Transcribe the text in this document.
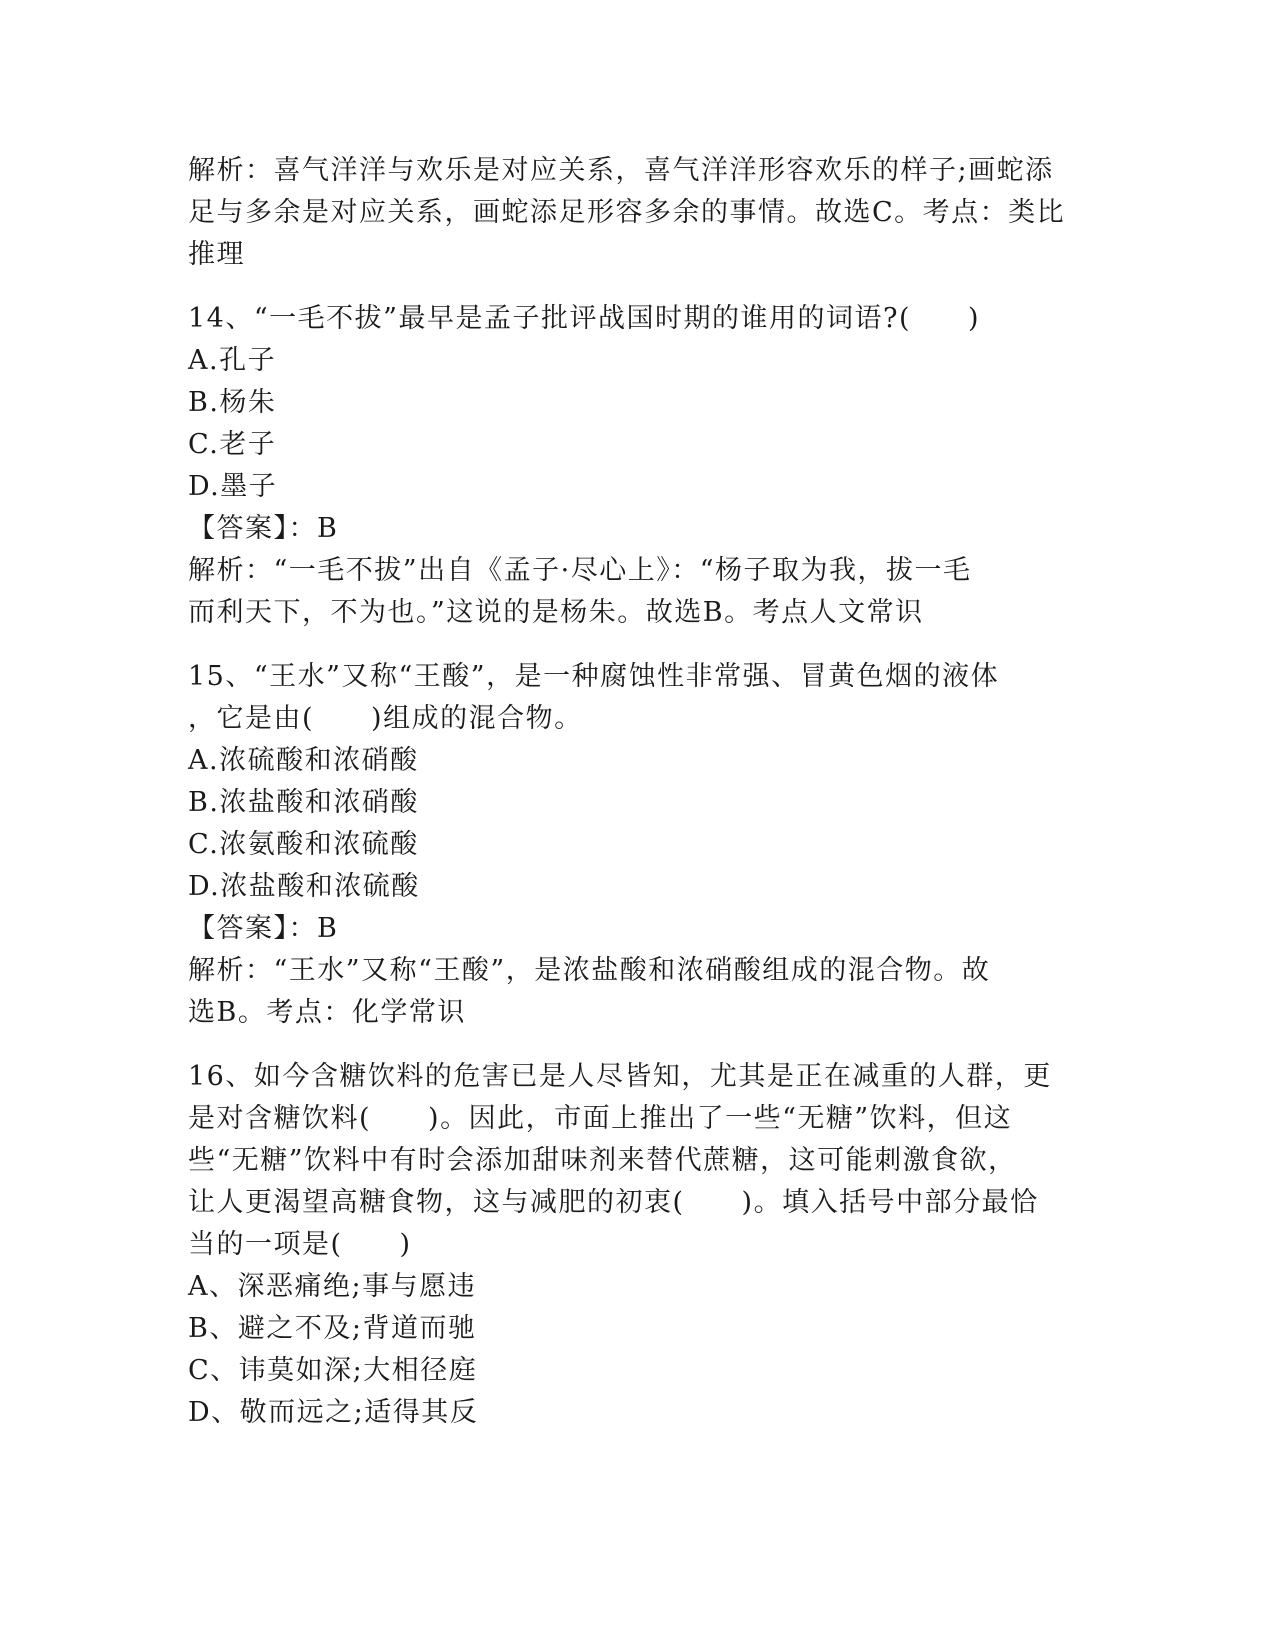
解析：喜气洋洋与欢乐是对应关系，喜气洋洋形容欢乐的样子;画蛇添
足与多余是对应关系，画蛇添足形容多余的事情。故选C。考点：类比
推理
14、“一毛不拔”最早是孟子批评战国时期的谁用的词语?(　　)
A.孔子
B.杨朱
C.老子
D.墨子
【答案】：B
解析：“一毛不拔”出自《孟子·尽心上》：“杨子取为我，拔一毛
而利天下，不为也。”这说的是杨朱。故选B。考点人文常识
15、“王水”又称“王酸”，是一种腐蚀性非常强、冒黄色烟的液体
，它是由(　　)组成的混合物。
A.浓硫酸和浓硝酸
B.浓盐酸和浓硝酸
C.浓氨酸和浓硫酸
D.浓盐酸和浓硫酸
【答案】：B
解析：“王水”又称“王酸”，是浓盐酸和浓硝酸组成的混合物。故
选B。考点：化学常识
16、如今含糖饮料的危害已是人尽皆知，尤其是正在减重的人群，更
是对含糖饮料(　　)。因此，市面上推出了一些“无糖”饮料，但这
些“无糖”饮料中有时会添加甜味剂来替代蔗糖，这可能刺激食欲，
让人更渴望高糖食物，这与减肥的初衷(　　)。填入括号中部分最恰
当的一项是(　　)
A、深恶痛绝;事与愿违
B、避之不及;背道而驰
C、讳莫如深;大相径庭
D、敬而远之;适得其反
